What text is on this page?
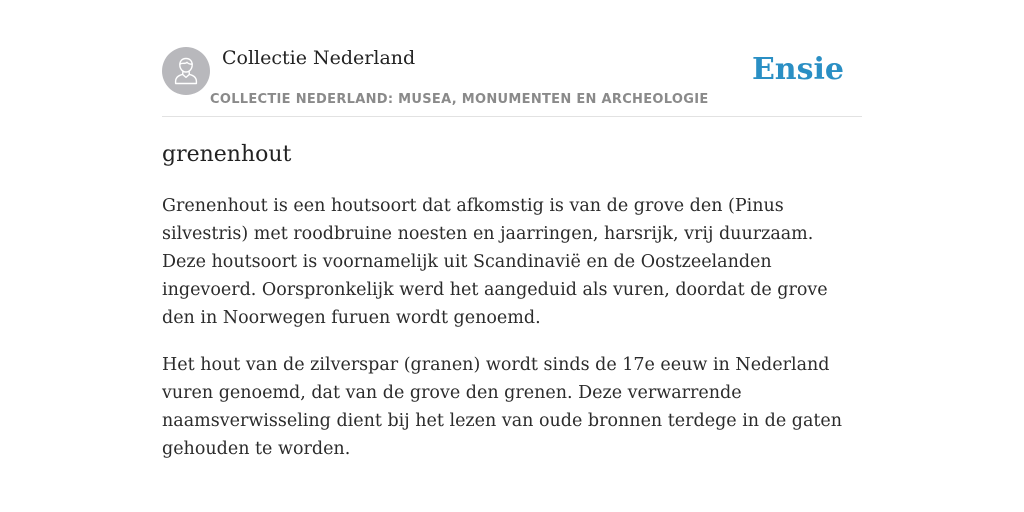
Collectie Nederland
COLLECTIE NEDERLAND: MUSEA, MONUMENTEN EN ARCHEOLOGIE
Ensie
grenenhout

Grenenhout is een houtsoort dat afkomstig is van de grove den (Pinus silvestris) met roodbruine noesten en jaarringen, harsrijk, vrij duurzaam. Deze houtsoort is voornamelijk uit Scandinavië en de Oostzeelanden ingevoerd. Oorspronkelijk werd het aangeduid als vuren, doordat de grove den in Noorwegen furuen wordt genoemd.

Het hout van de zilverspar (granen) wordt sinds de 17e eeuw in Nederland vuren genoemd, dat van de grove den grenen. Deze verwarrende naamsverwisseling dient bij het lezen van oude bronnen terdege in de gaten gehouden te worden.
